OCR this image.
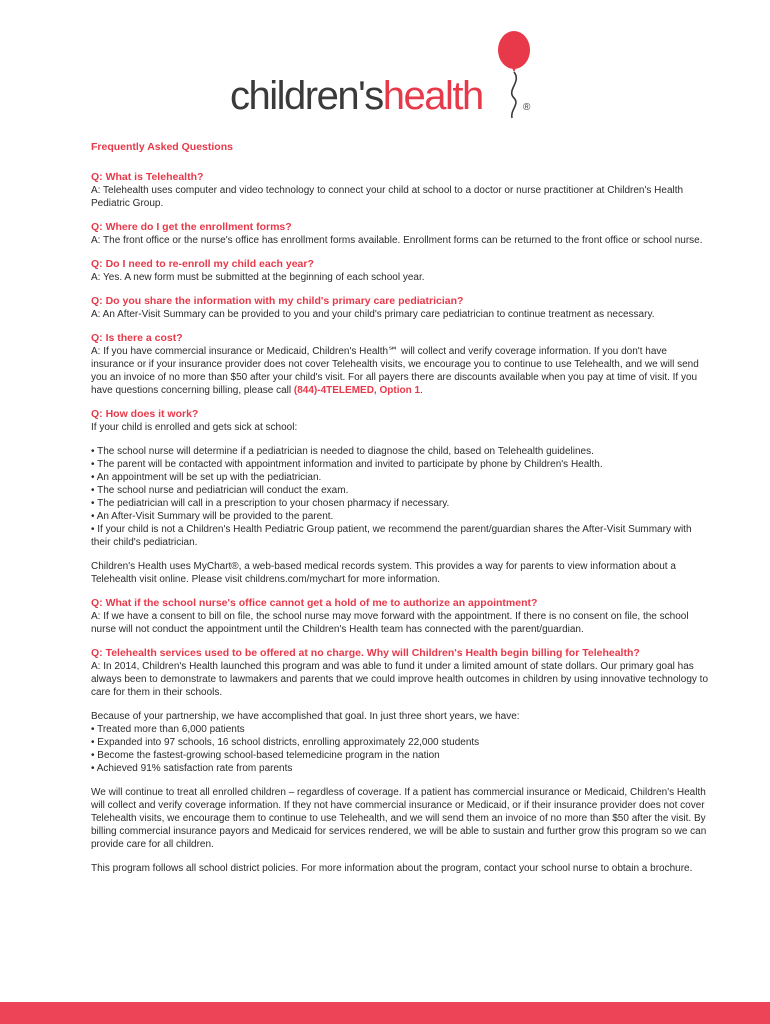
children'shealth	®

Frequently Asked Questions

Q: What is Telehealth?

A: Telehealth uses computer and video technology to connect your child at school to a doctor or nurse practitioner at Children's Health Pediatric Group.

Q: Where do I get the enrollment forms?

A: The front office or the nurse's office has enrollment forms available. Enrollment forms can be returned to the front office or school nurse.

Q: Do I need to re-enroll my child each year?

A: Yes. A new form must be submitted at the beginning of each school year.

Q: Do you share the information with my child's primary care pediatrician?

A: An After-Visit Summary can be provided to you and your child's primary care pediatrician to continue treatment as necessary.

Q: Is there a cost?

A: If you have commercial insurance or Medicaid, Children's Health℠ will collect and verify coverage information. If you don't have insurance or if your insurance provider does not cover Telehealth visits, we encourage you to continue to use Telehealth, and we will send you an invoice of no more than $50 after your child's visit. For all payers there are discounts available when you pay at time of visit. If you have questions concerning billing, please call (844)-4TELEMED, Option 1.

Q: How does it work?

If your child is enrolled and gets sick at school:

• The school nurse will determine if a pediatrician is needed to diagnose the child, based on Telehealth guidelines.
• The parent will be contacted with appointment information and invited to participate by phone by Children's Health.
• An appointment will be set up with the pediatrician.
• The school nurse and pediatrician will conduct the exam.
• The pediatrician will call in a prescription to your chosen pharmacy if necessary.
• An After-Visit Summary will be provided to the parent.
• If your child is not a Children's Health Pediatric Group patient, we recommend the parent/guardian shares the After-Visit Summary with their child's pediatrician.

Children's Health uses MyChart®, a web-based medical records system. This provides a way for parents to view information about a Telehealth visit online. Please visit childrens.com/mychart for more information.

Q: What if the school nurse's office cannot get a hold of me to authorize an appointment?

A: If we have a consent to bill on file, the school nurse may move forward with the appointment. If there is no consent on file, the school nurse will not conduct the appointment until the Children's Health team has connected with the parent/guardian.

Q: Telehealth services used to be offered at no charge. Why will Children's Health begin billing for Telehealth?

A: In 2014, Children's Health launched this program and was able to fund it under a limited amount of state dollars. Our primary goal has always been to demonstrate to lawmakers and parents that we could improve health outcomes in children by using innovative technology to care for them in their schools.

Because of your partnership, we have accomplished that goal. In just three short years, we have:

• Treated more than 6,000 patients
• Expanded into 97 schools, 16 school districts, enrolling approximately 22,000 students
• Become the fastest-growing school-based telemedicine program in the nation
• Achieved 91% satisfaction rate from parents

We will continue to treat all enrolled children – regardless of coverage. If a patient has commercial insurance or Medicaid, Children's Health will collect and verify coverage information. If they not have commercial insurance or Medicaid, or if their insurance provider does not cover Telehealth visits, we encourage them to continue to use Telehealth, and we will send them an invoice of no more than $50 after the visit. By billing commercial insurance payors and Medicaid for services rendered, we will be able to sustain and further grow this program so we can provide care for all children.

This program follows all school district policies. For more information about the program, contact your school nurse to obtain a brochure.
